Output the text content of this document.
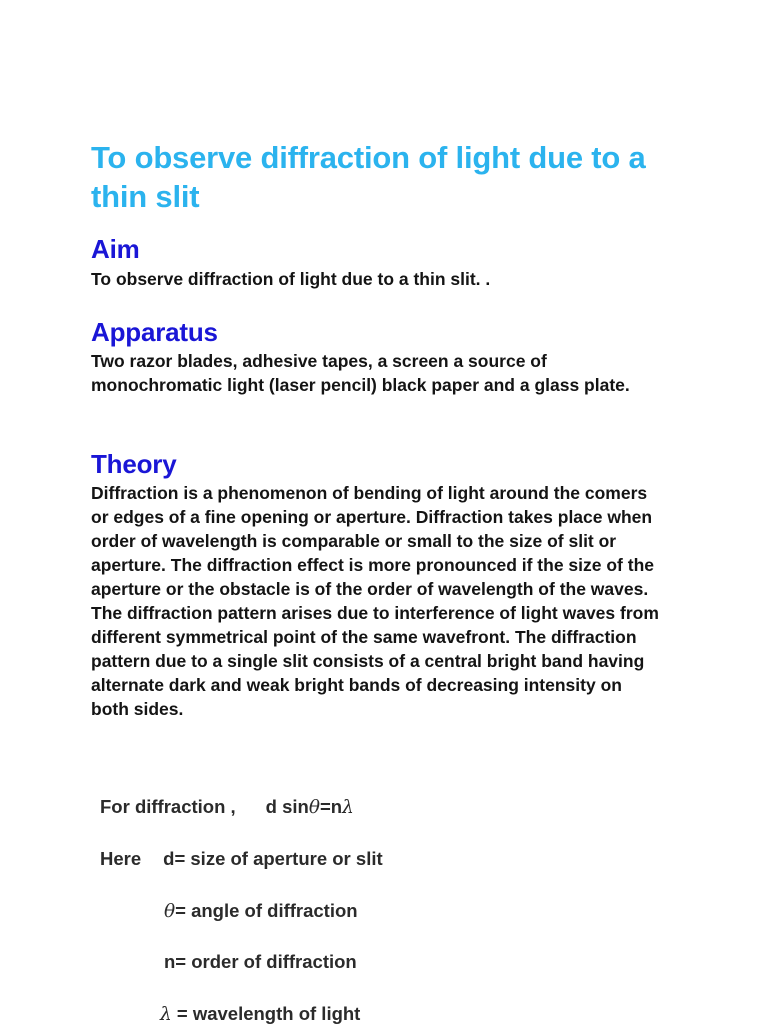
To observe diffraction of light due to a thin slit
Aim

To observe diffraction of light due to a thin slit. .

Apparatus

Two razor blades, adhesive tapes, a screen a source of monochromatic light (laser pencil) black paper and a glass plate.

Theory

Diffraction is a phenomenon of bending of light around the comers or edges of a fine opening or aperture. Diffraction takes place when order of wavelength is comparable or small to the size of slit or aperture. The diffraction effect is more pronounced if the size of the aperture or the obstacle is of the order of wavelength of the waves. The diffraction pattern arises due to interference of light waves from different symmetrical point of the same wavefront. The diffraction pattern due to a single slit consists of a central bright band having alternate dark and weak bright bands of decreasing intensity on both sides.

For diffraction , d sinθ=nλ
Here d= size of aperture or slit
θ= angle of diffraction
n= order of diffraction
λ = wavelength of light
